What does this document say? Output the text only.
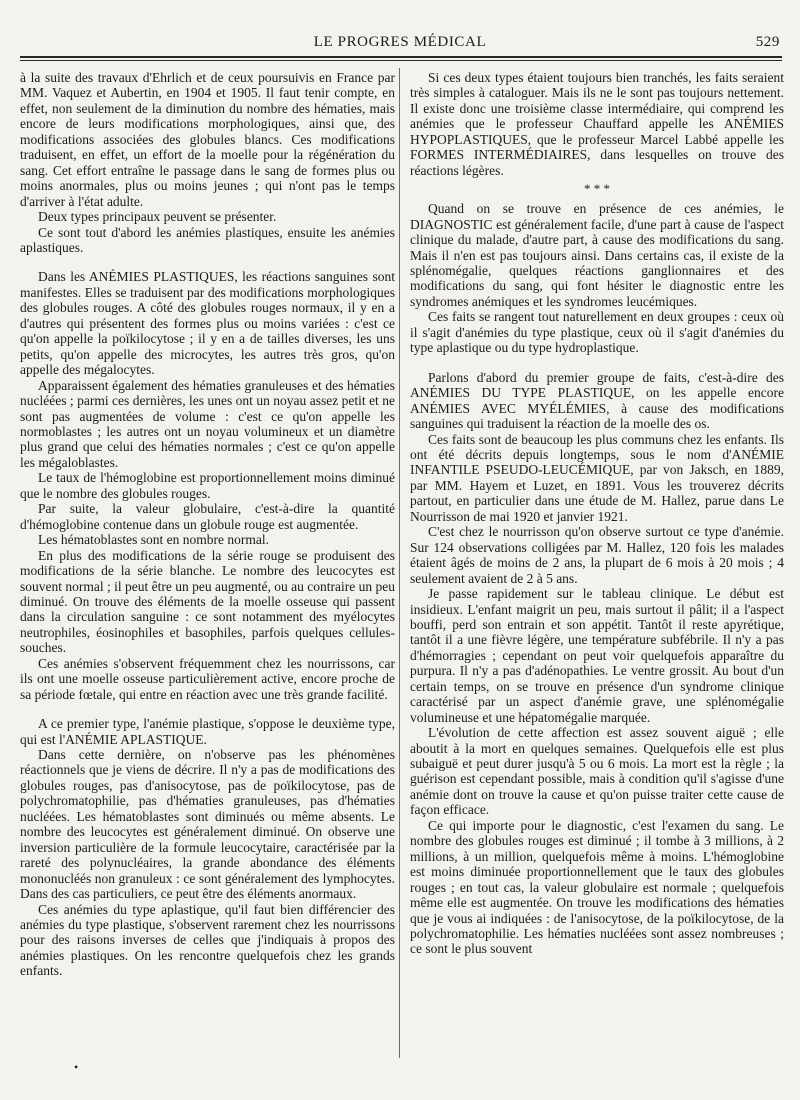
LE PROGRES MÉDICAL	529

à la suite des travaux d'Ehrlich et de ceux poursuivis en France par MM. Vaquez et Aubertin, en 1904 et 1905. Il faut tenir compte, en effet, non seulement de la diminution du nombre des hématies, mais encore de leurs modifications morphologiques, ainsi que, des modifications associées des globules blancs. Ces modifications traduisent, en effet, un effort de la moelle pour la régénération du sang. Cet effort entraîne le passage dans le sang de formes plus ou moins anormales, plus ou moins jeunes ; qui n'ont pas le temps d'arriver à l'état adulte.

Deux types principaux peuvent se présenter.

Ce sont tout d'abord les anémies plastiques, ensuite les anémies aplastiques.

Dans les ANÉMIES PLASTIQUES, les réactions sanguines sont manifestes. Elles se traduisent par des modifications morphologiques des globules rouges. A côté des globules rouges normaux, il y en a d'autres qui présentent des formes plus ou moins variées : c'est ce qu'on appelle la poïkilocytose ; il y en a de tailles diverses, les uns petits, qu'on appelle des microcytes, les autres très gros, qu'on appelle des mégalocytes.

Apparaissent également des hématies granuleuses et des hématies nucléées ; parmi ces dernières, les unes ont un noyau assez petit et ne sont pas augmentées de volume : c'est ce qu'on appelle les normoblastes ; les autres ont un noyau volumineux et un diamètre plus grand que celui des hématies normales ; c'est ce qu'on appelle les mégaloblastes.

Le taux de l'hémoglobine est proportionnellement moins diminué que le nombre des globules rouges.

Par suite, la valeur globulaire, c'est-à-dire la quantité d'hémoglobine contenue dans un globule rouge est augmentée.

Les hématoblastes sont en nombre normal.

En plus des modifications de la série rouge se produisent des modifications de la série blanche. Le nombre des leucocytes est souvent normal ; il peut être un peu augmenté, ou au contraire un peu diminué. On trouve des éléments de la moelle osseuse qui passent dans la circulation sanguine : ce sont notamment des myélocytes neutrophiles, éosinophiles et basophiles, parfois quelques cellules-souches.

Ces anémies s'observent fréquemment chez les nourrissons, car ils ont une moelle osseuse particulièrement active, encore proche de sa période fœtale, qui entre en réaction avec une très grande facilité.

A ce premier type, l'anémie plastique, s'oppose le deuxième type, qui est l'ANÉMIE APLASTIQUE.

Dans cette dernière, on n'observe pas les phénomènes réactionnels que je viens de décrire. Il n'y a pas de modifications des globules rouges, pas d'anisocytose, pas de poïkilocytose, pas de polychromatophilie, pas d'hématies granuleuses, pas d'hématies nucléées. Les hématoblastes sont diminués ou même absents. Le nombre des leucocytes est généralement diminué. On observe une inversion particulière de la formule leucocytaire, caractérisée par la rareté des polynucléaires, la grande abondance des éléments mononucléés non granuleux : ce sont généralement des lymphocytes. Dans des cas particuliers, ce peut être des éléments anormaux.

Ces anémies du type aplastique, qu'il faut bien différencier des anémies du type plastique, s'observent rarement chez les nourrissons pour des raisons inverses de celles que j'indiquais à propos des anémies plastiques. On les rencontre quelquefois chez les grands enfants.

Si ces deux types étaient toujours bien tranchés, les faits seraient très simples à cataloguer. Mais ils ne le sont pas toujours nettement. Il existe donc une troisième classe intermédiaire, qui comprend les anémies que le professeur Chauffard appelle les ANÉMIES HYPOPLASTIQUES, que le professeur Marcel Labbé appelle les FORMES INTERMÉDIAIRES, dans lesquelles on trouve des réactions légères.

* * *

Quand on se trouve en présence de ces anémies, le DIAGNOSTIC est généralement facile, d'une part à cause de l'aspect clinique du malade, d'autre part, à cause des modifications du sang. Mais il n'en est pas toujours ainsi. Dans certains cas, il existe de la splénomégalie, quelques réactions ganglionnaires et des modifications du sang, qui font hésiter le diagnostic entre les syndromes anémiques et les syndromes leucémiques.

Ces faits se rangent tout naturellement en deux groupes : ceux où il s'agit d'anémies du type plastique, ceux où il s'agit d'anémies du type aplastique ou du type hydroplastique.

Parlons d'abord du premier groupe de faits, c'est-à-dire des ANÉMIES DU TYPE PLASTIQUE, on les appelle encore ANÉMIES AVEC MYÉLÉMIES, à cause des modifications sanguines qui traduisent la réaction de la moelle des os.

Ces faits sont de beaucoup les plus communs chez les enfants. Ils ont été décrits depuis longtemps, sous le nom d'ANÉMIE INFANTILE PSEUDO-LEUCÉMIQUE, par von Jaksch, en 1889, par MM. Hayem et Luzet, en 1891. Vous les trouverez décrits partout, en particulier dans une étude de M. Hallez, parue dans Le Nourrisson de mai 1920 et janvier 1921.

C'est chez le nourrisson qu'on observe surtout ce type d'anémie. Sur 124 observations colligées par M. Hallez, 120 fois les malades étaient âgés de moins de 2 ans, la plupart de 6 mois à 20 mois ; 4 seulement avaient de 2 à 5 ans.

Je passe rapidement sur le tableau clinique. Le début est insidieux. L'enfant maigrit un peu, mais surtout il pâlit; il a l'aspect bouffi, perd son entrain et son appétit. Tantôt il reste apyrétique, tantôt il a une fièvre légère, une température subfébrile. Il n'y a pas d'hémorragies ; cependant on peut voir quelquefois apparaître du purpura. Il n'y a pas d'adénopathies. Le ventre grossit. Au bout d'un certain temps, on se trouve en présence d'un syndrome clinique caractérisé par un aspect d'anémie grave, une splénomégalie volumineuse et une hépatomégalie marquée.

L'évolution de cette affection est assez souvent aiguë ; elle aboutit à la mort en quelques semaines. Quelquefois elle est plus subaiguë et peut durer jusqu'à 5 ou 6 mois. La mort est la règle ; la guérison est cependant possible, mais à condition qu'il s'agisse d'une anémie dont on trouve la cause et qu'on puisse traiter cette cause de façon efficace.

Ce qui importe pour le diagnostic, c'est l'examen du sang. Le nombre des globules rouges est diminué ; il tombe à 3 millions, à 2 millions, à un million, quelquefois même à moins. L'hémoglobine est moins diminuée proportionnellement que le taux des globules rouges ; en tout cas, la valeur globulaire est normale ; quelquefois même elle est augmentée. On trouve les modifications des hématies que je vous ai indiquées : de l'anisocytose, de la poïkilocytose, de la polychromatophilie. Les hématies nucléées sont assez nombreuses ; ce sont le plus souvent

•
